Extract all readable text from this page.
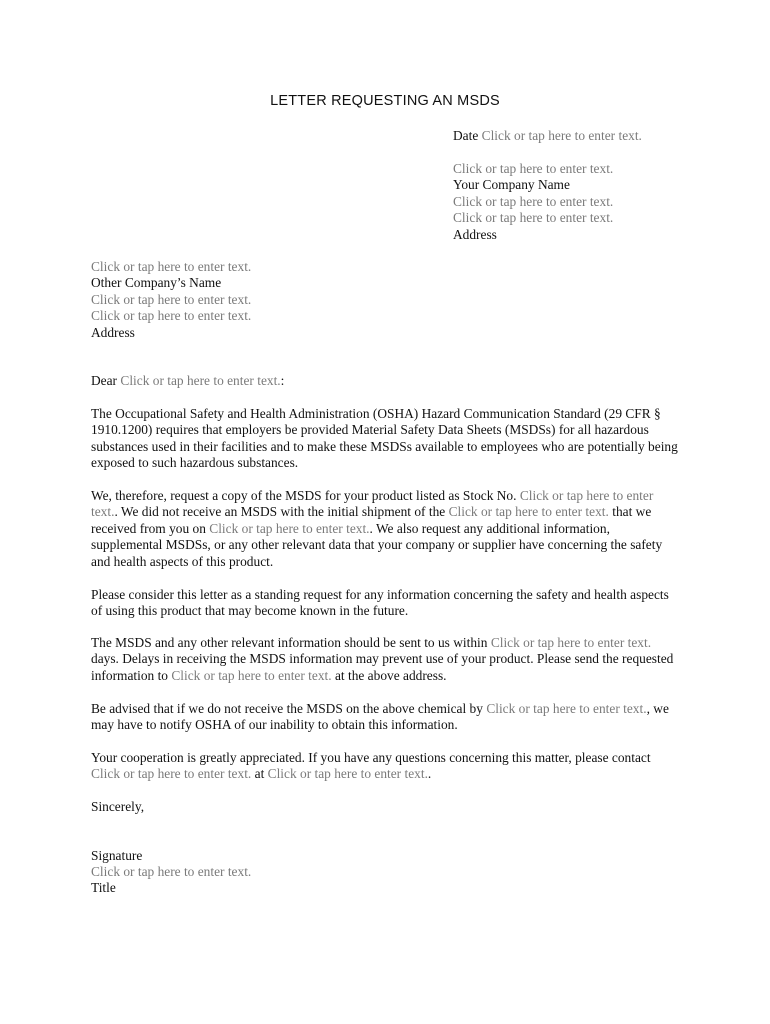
LETTER REQUESTING AN MSDS
Date Click or tap here to enter text.
Click or tap here to enter text.
Your Company Name
Click or tap here to enter text.
Click or tap here to enter text.
Address
Click or tap here to enter text.
Other Company’s Name
Click or tap here to enter text.
Click or tap here to enter text.
Address
Dear Click or tap here to enter text.:
The Occupational Safety and Health Administration (OSHA) Hazard Communication Standard (29 CFR § 1910.1200) requires that employers be provided Material Safety Data Sheets (MSDSs) for all hazardous substances used in their facilities and to make these MSDSs available to employees who are potentially being exposed to such hazardous substances.
We, therefore, request a copy of the MSDS for your product listed as Stock No. Click or tap here to enter text.. We did not receive an MSDS with the initial shipment of the Click or tap here to enter text. that we received from you on Click or tap here to enter text.. We also request any additional information, supplemental MSDSs, or any other relevant data that your company or supplier have concerning the safety and health aspects of this product.
Please consider this letter as a standing request for any information concerning the safety and health aspects of using this product that may become known in the future.
The MSDS and any other relevant information should be sent to us within Click or tap here to enter text. days. Delays in receiving the MSDS information may prevent use of your product. Please send the requested information to Click or tap here to enter text. at the above address.
Be advised that if we do not receive the MSDS on the above chemical by Click or tap here to enter text., we may have to notify OSHA of our inability to obtain this information.
Your cooperation is greatly appreciated. If you have any questions concerning this matter, please contact Click or tap here to enter text. at Click or tap here to enter text..
Sincerely,
Signature
Click or tap here to enter text.
Title
